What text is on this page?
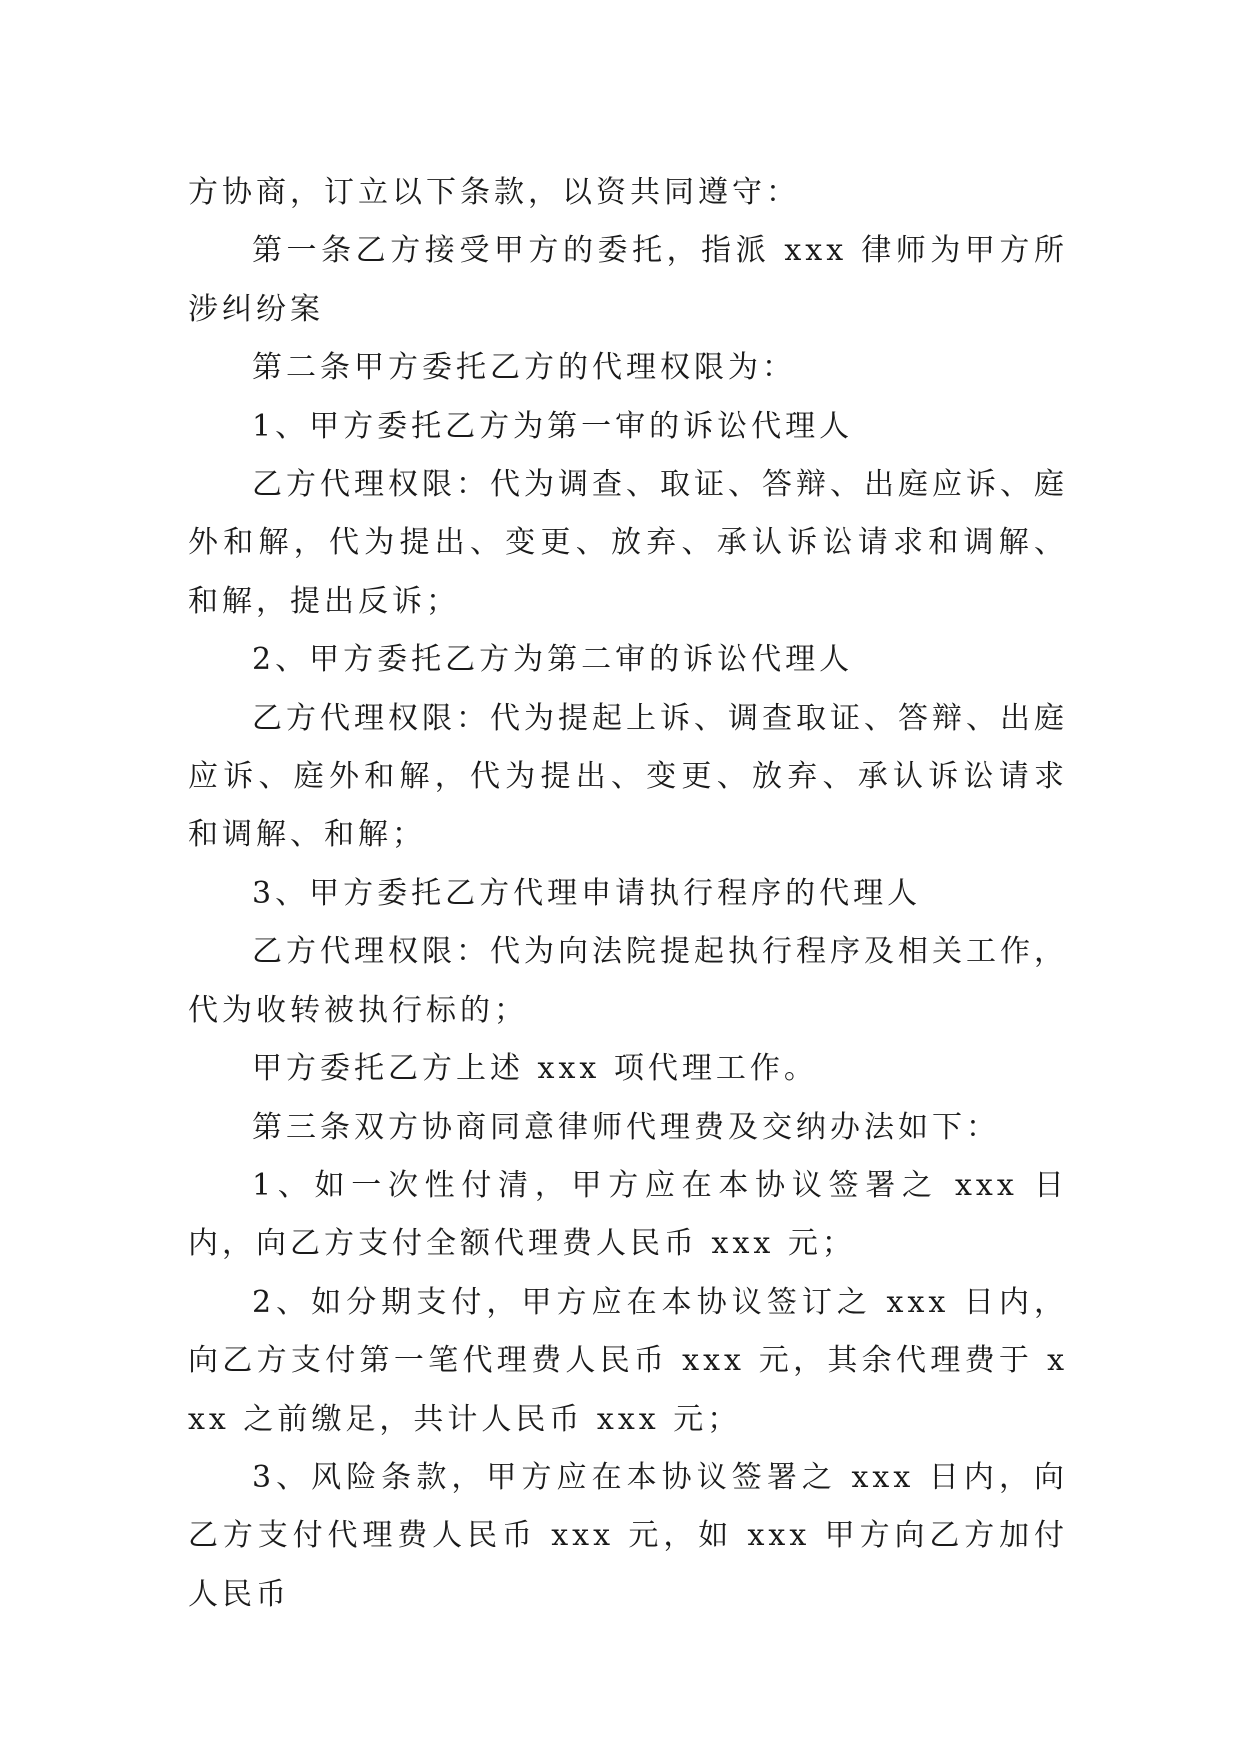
方协商，订立以下条款，以资共同遵守：

第一条乙方接受甲方的委托，指派 xxx 律师为甲方所涉纠纷案

第二条甲方委托乙方的代理权限为：

1、甲方委托乙方为第一审的诉讼代理人

乙方代理权限：代为调查、取证、答辩、出庭应诉、庭外和解，代为提出、变更、放弃、承认诉讼请求和调解、和解，提出反诉；

2、甲方委托乙方为第二审的诉讼代理人

乙方代理权限：代为提起上诉、调查取证、答辩、出庭应诉、庭外和解，代为提出、变更、放弃、承认诉讼请求和调解、和解；

3、甲方委托乙方代理申请执行程序的代理人

乙方代理权限：代为向法院提起执行程序及相关工作，代为收转被执行标的；

甲方委托乙方上述 xxx 项代理工作。

第三条双方协商同意律师代理费及交纳办法如下：

1、如一次性付清，甲方应在本协议签署之 xxx 日内，向乙方支付全额代理费人民币 xxx 元；

2、如分期支付，甲方应在本协议签订之 xxx 日内，向乙方支付第一笔代理费人民币 xxx 元，其余代理费于 xxx 之前缴足，共计人民币 xxx 元；

3、风险条款，甲方应在本协议签署之 xxx 日内，向乙方支付代理费人民币 xxx 元，如 xxx 甲方向乙方加付人民币
